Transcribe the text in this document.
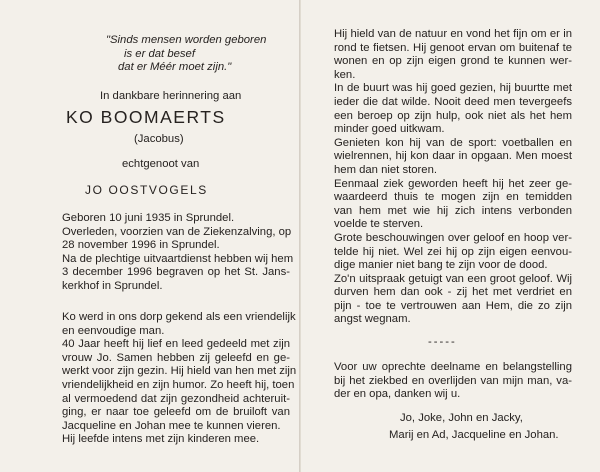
"Sinds mensen worden geboren
is er dat besef
dat er Méér moet zijn."
In dankbare herinnering aan
KO BOOMAERTS
(Jacobus)
echtgenoot van
JO OOSTVOGELS
Geboren 10 juni 1935 in Sprundel.
Overleden, voorzien van de Ziekenzalving, op
28 november 1996 in Sprundel.
Na de plechtige uitvaartdienst hebben wij hem
3 december 1996 begraven op het St. Jans-
kerkhof in Sprundel.
Ko werd in ons dorp gekend als een vriendelijk
en eenvoudige man.
40 Jaar heeft hij lief en leed gedeeld met zijn
vrouw Jo. Samen hebben zij geleefd en ge-
werkt voor zijn gezin. Hij hield van hen met zijn
vriendelijkheid en zijn humor. Zo heeft hij, toen
al vermoedend dat zijn gezondheid achteruit-
ging, er naar toe geleefd om de bruiloft van
Jacqueline en Johan mee te kunnen vieren.
Hij leefde intens met zijn kinderen mee.
Hij hield van de natuur en vond het fijn om er in
rond te fietsen. Hij genoot ervan om buitenaf te
wonen en op zijn eigen grond te kunnen wer-
ken.
In de buurt was hij goed gezien, hij buurtte met
ieder die dat wilde. Nooit deed men tevergeefs
een beroep op zijn hulp, ook niet als het hem
minder goed uitkwam.
Genieten kon hij van de sport: voetballen en
wielrennen, hij kon daar in opgaan. Men moest
hem dan niet storen.
Eenmaal ziek geworden heeft hij het zeer ge-
waardeerd thuis te mogen zijn en temidden
van hem met wie hij zich intens verbonden
voelde te sterven.
Grote beschouwingen over geloof en hoop ver-
telde hij niet. Wel zei hij op zijn eigen eenvou-
dige manier niet bang te zijn voor de dood.
Zo'n uitspraak getuigt van een groot geloof. Wij
durven hem dan ook - zij het met verdriet en
pijn - toe te vertrouwen aan Hem, die zo zijn
angst wegnam.
-----
Voor uw oprechte deelname en belangstelling
bij het ziekbed en overlijden van mijn man, va-
der en opa, danken wij u.
Jo, Joke, John en Jacky,
Marij en Ad, Jacqueline en Johan.
